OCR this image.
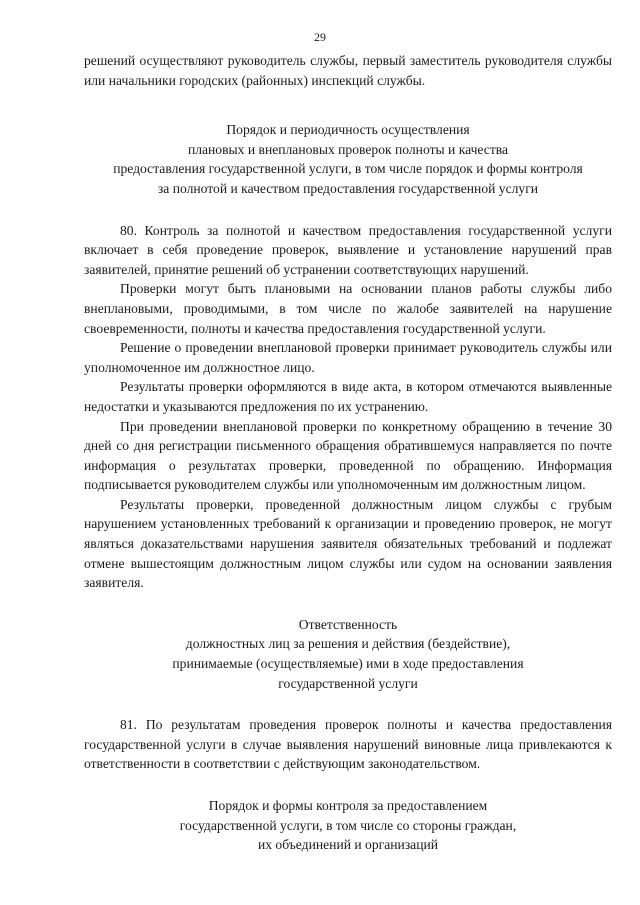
29

решений осуществляют руководитель службы, первый заместитель руководителя службы или начальники городских (районных) инспекций службы.

Порядок и периодичность осуществления

плановых и внеплановых проверок полноты и качества

предоставления государственной услуги, в том числе порядок и формы контроля

за полнотой и качеством предоставления государственной услуги

80. Контроль за полнотой и качеством предоставления государственной услуги включает в себя проведение проверок, выявление и установление нарушений прав заявителей, принятие решений об устранении соответствующих нарушений.

Проверки могут быть плановыми на основании планов работы службы либо внеплановыми, проводимыми, в том числе по жалобе заявителей на нарушение своевременности, полноты и качества предоставления государственной услуги.

Решение о проведении внеплановой проверки принимает руководитель службы или уполномоченное им должностное лицо.

Результаты проверки оформляются в виде акта, в котором отмечаются выявленные недостатки и указываются предложения по их устранению.

При проведении внеплановой проверки по конкретному обращению в течение 30 дней со дня регистрации письменного обращения обратившемуся направляется по почте информация о результатах проверки, проведенной по обращению. Информация подписывается руководителем службы или уполномоченным им должностным лицом.

Результаты проверки, проведенной должностным лицом службы с грубым нарушением установленных требований к организации и проведению проверок, не могут являться доказательствами нарушения заявителя обязательных требований и подлежат отмене вышестоящим должностным лицом службы или судом на основании заявления заявителя.

Ответственность

должностных лиц за решения и действия (бездействие),

принимаемые (осуществляемые) ими в ходе предоставления

государственной услуги

81. По результатам проведения проверок полноты и качества предоставления государственной услуги в случае выявления нарушений виновные лица привлекаются к ответственности в соответствии с действующим законодательством.

Порядок и формы контроля за предоставлением

государственной услуги, в том числе со стороны граждан,

их объединений и организаций
